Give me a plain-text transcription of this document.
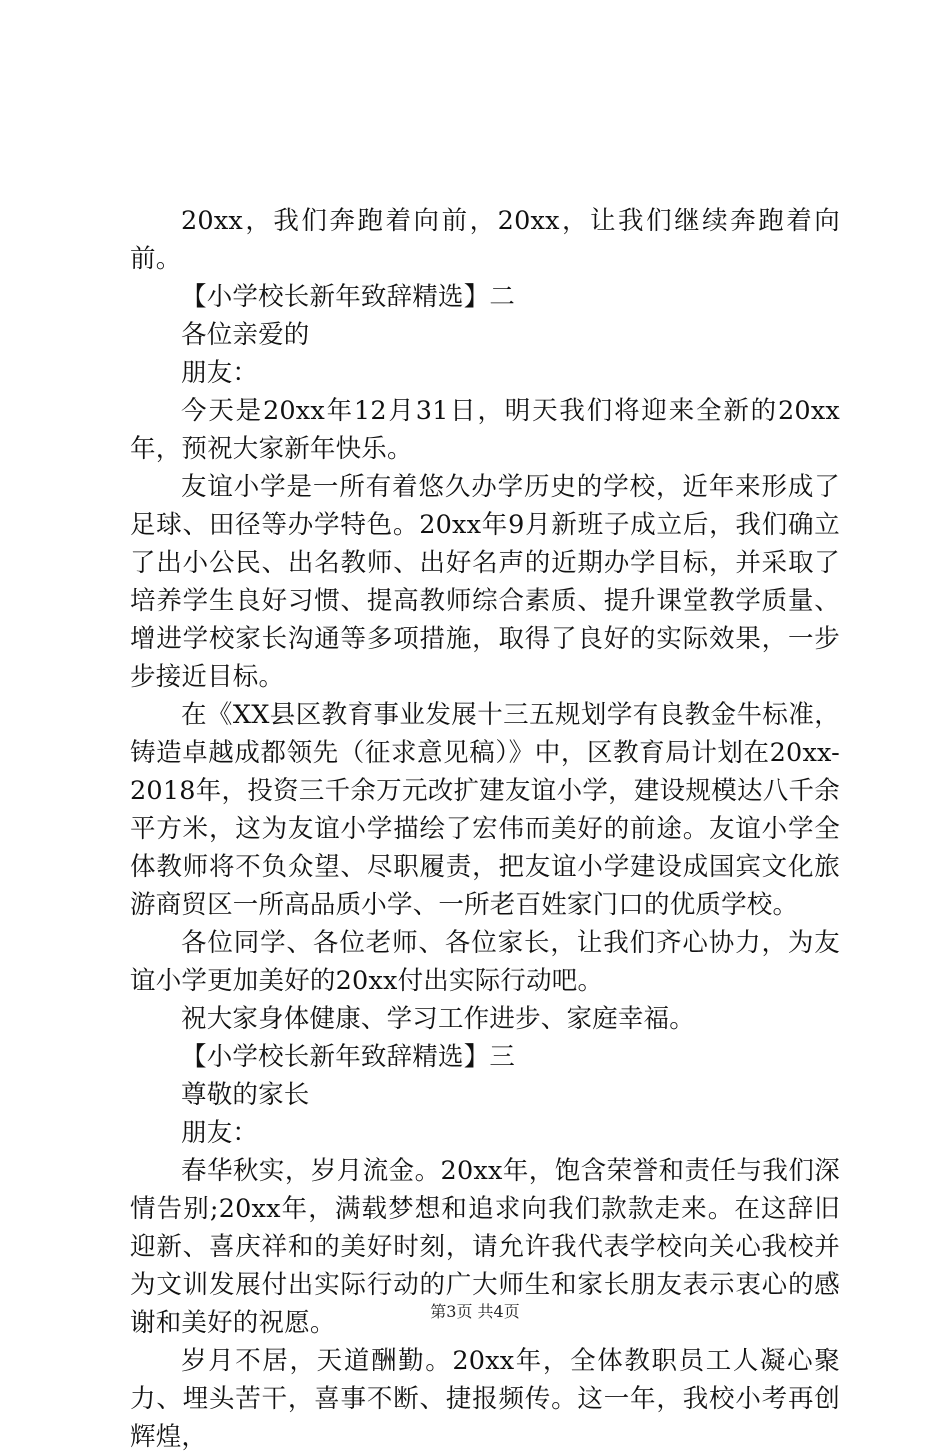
20xx，我们奔跑着向前，20xx，让我们继续奔跑着向前。

【小学校长新年致辞精选】二

各位亲爱的

朋友：

今天是20xx年12月31日，明天我们将迎来全新的20xx年，预祝大家新年快乐。

友谊小学是一所有着悠久办学历史的学校，近年来形成了足球、田径等办学特色。20xx年9月新班子成立后，我们确立了出小公民、出名教师、出好名声的近期办学目标，并采取了培养学生良好习惯、提高教师综合素质、提升课堂教学质量、增进学校家长沟通等多项措施，取得了良好的实际效果，一步步接近目标。

在《XX县区教育事业发展十三五规划学有良教金牛标准，铸造卓越成都领先（征求意见稿）》中，区教育局计划在20xx-2018年，投资三千余万元改扩建友谊小学，建设规模达八千余平方米，这为友谊小学描绘了宏伟而美好的前途。友谊小学全体教师将不负众望、尽职履责，把友谊小学建设成国宾文化旅游商贸区一所高品质小学、一所老百姓家门口的优质学校。

各位同学、各位老师、各位家长，让我们齐心协力，为友谊小学更加美好的20xx付出实际行动吧。

祝大家身体健康、学习工作进步、家庭幸福。

【小学校长新年致辞精选】三

尊敬的家长

朋友：

春华秋实，岁月流金。20xx年，饱含荣誉和责任与我们深情告别;20xx年，满载梦想和追求向我们款款走来。在这辞旧迎新、喜庆祥和的美好时刻，请允许我代表学校向关心我校并为文训发展付出实际行动的广大师生和家长朋友表示衷心的感谢和美好的祝愿。

岁月不居，天道酬勤。20xx年，全体教职员工人凝心聚力、埋头苦干，喜事不断、捷报频传。这一年，我校小考再创辉煌，

第3页 共4页
